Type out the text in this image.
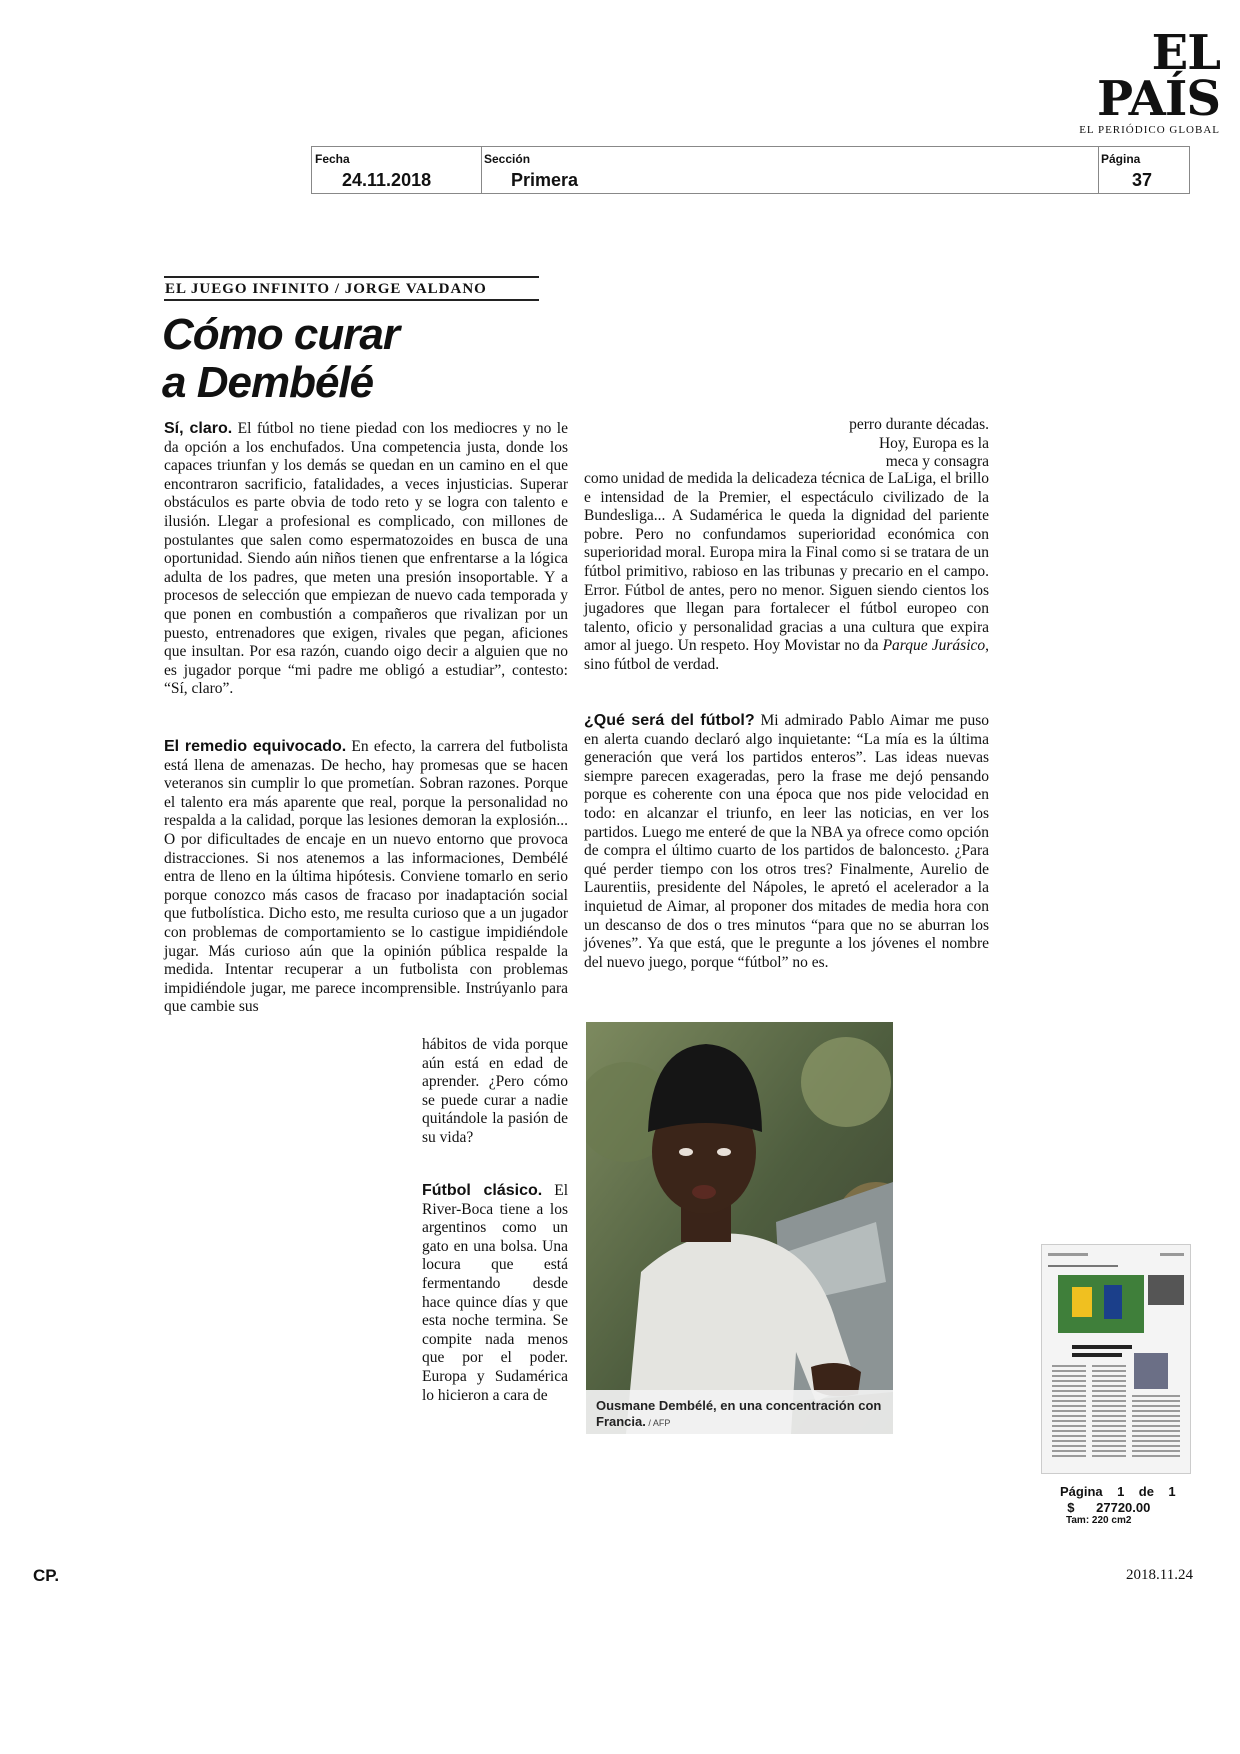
EL PAÍS
EL PERIÓDICO GLOBAL
Fecha
24.11.2018
Sección
Primera
Página
37
EL JUEGO INFINITO / JORGE VALDANO
Cómo curar
a Dembélé

Sí, claro. El fútbol no tiene piedad con los mediocres y no le da opción a los enchufados. Una competencia justa, donde los capaces triunfan y los demás se quedan en un camino en el que encontraron sacrificio, fatalidades, a veces injusticias. Superar obstáculos es parte obvia de todo reto y se logra con talento e ilusión. Llegar a profesional es complicado, con millones de postulantes que salen como espermatozoides en busca de una oportunidad. Siendo aún niños tienen que enfrentarse a la lógica adulta de los padres, que meten una presión insoportable. Y a procesos de selección que empiezan de nuevo cada temporada y que ponen en combustión a compañeros que rivalizan por un puesto, entrenadores que exigen, rivales que pegan, aficiones que insultan. Por esa razón, cuando oigo decir a alguien que no es jugador porque “mi padre me obligó a estudiar”, contesto: “Sí, claro”.

El remedio equivocado. En efecto, la carrera del futbolista está llena de amenazas. De hecho, hay promesas que se hacen veteranos sin cumplir lo que prometían. Sobran razones. Porque el talento era más aparente que real, porque la personalidad no respalda a la calidad, porque las lesiones demoran la explosión... O por dificultades de encaje en un nuevo entorno que provoca distracciones. Si nos atenemos a las informaciones, Dembélé entra de lleno en la última hipótesis. Conviene tomarlo en serio porque conozco más casos de fracaso por inadaptación social que futbolística. Dicho esto, me resulta curioso que a un jugador con problemas de comportamiento se lo castigue impidiéndole jugar. Más curioso aún que la opinión pública respalde la medida. Intentar recuperar a un futbolista con problemas impidiéndole jugar, me parece incomprensible. Instrúyanlo para que cambie sus

hábitos de vida porque aún está en edad de aprender. ¿Pero cómo se puede curar a nadie quitándole la pasión de su vida?

Fútbol clásico. El River-Boca tiene a los argentinos como un gato en una bolsa. Una locura que está fermentando desde hace quince días y que esta noche termina. Se compite nada menos que por el poder. Europa y Sudamérica lo hicieron a cara de

perro durante décadas. Hoy, Europa es la meca y consagra

como unidad de medida la delicadeza técnica de LaLiga, el brillo e intensidad de la Premier, el espectáculo civilizado de la Bundesliga... A Sudamérica le queda la dignidad del pariente pobre. Pero no confundamos superioridad económica con superioridad moral. Europa mira la Final como si se tratara de un fútbol primitivo, rabioso en las tribunas y precario en el campo. Error. Fútbol de antes, pero no menor. Siguen siendo cientos los jugadores que llegan para fortalecer el fútbol europeo con talento, oficio y personalidad gracias a una cultura que expira amor al juego. Un respeto. Hoy Movistar no da Parque Jurásico, sino fútbol de verdad.

¿Qué será del fútbol? Mi admirado Pablo Aimar me puso en alerta cuando declaró algo inquietante: “La mía es la última generación que verá los partidos enteros”. Las ideas nuevas siempre parecen exageradas, pero la frase me dejó pensando porque es coherente con una época que nos pide velocidad en todo: en alcanzar el triunfo, en leer las noticias, en ver los partidos. Luego me enteré de que la NBA ya ofrece como opción de compra el último cuarto de los partidos de baloncesto. ¿Para qué perder tiempo con los otros tres? Finalmente, Aurelio de Laurentiis, presidente del Nápoles, le apretó el acelerador a la inquietud de Aimar, al proponer dos mitades de media hora con un descanso de dos o tres minutos “para que no se aburran los jóvenes”. Ya que está, que le pregunte a los jóvenes el nombre del nuevo juego, porque “fútbol” no es.

Ousmane Dembélé, en una concentración con Francia. / AFP
Página 1 de 1
$ 27720.00
Tam: 220 cm2
CP.	2018.11.24
